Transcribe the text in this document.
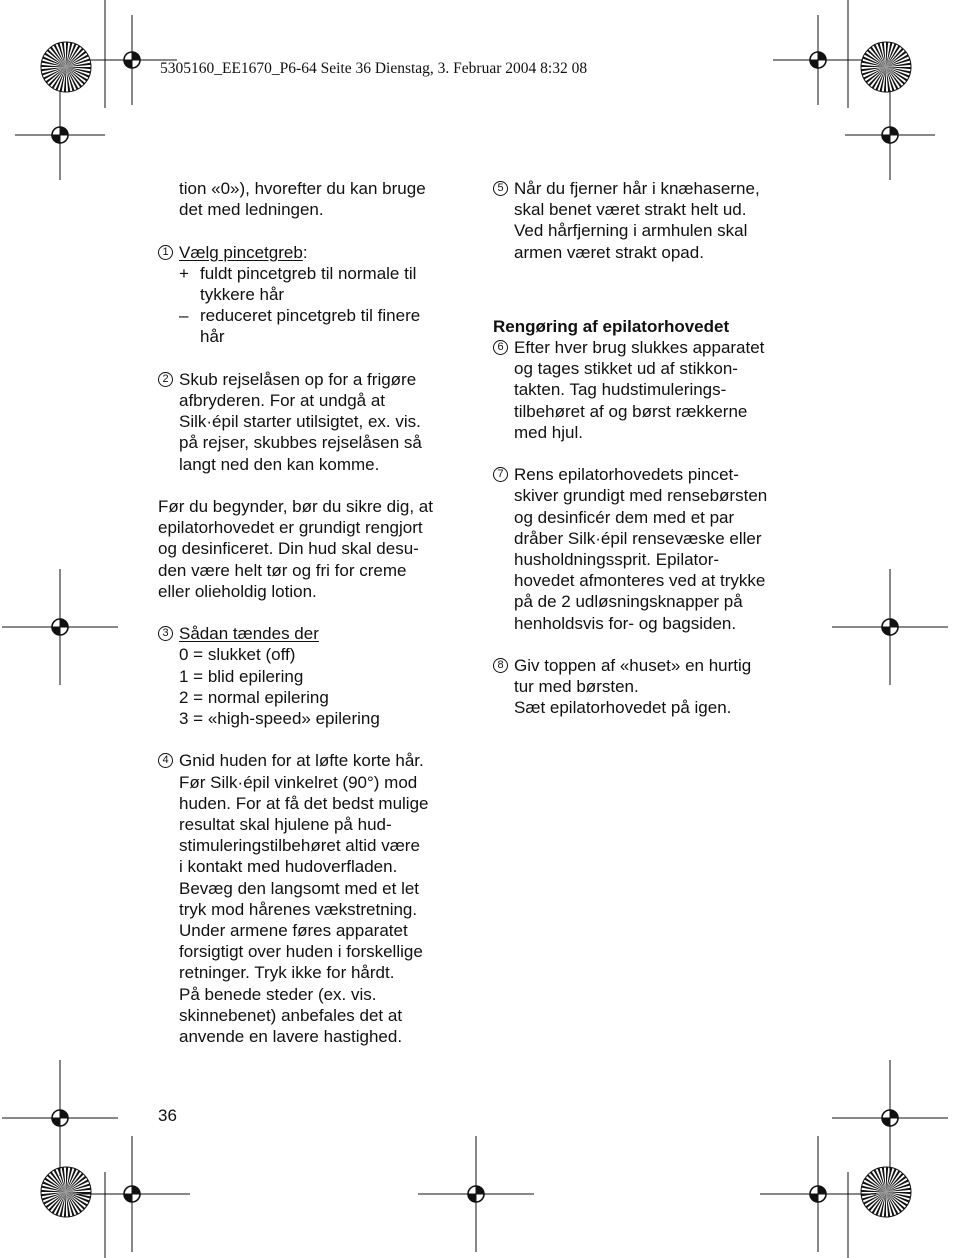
5305160_EE1670_P6-64 Seite 36 Dienstag, 3. Februar 2004 8:32 08
tion «0»), hvorefter du kan bruge
det med ledningen.
1 Vælg pincetgreb:
+ fuldt pincetgreb til normale til
tykkere hår
– reduceret pincetgreb til finere
hår
2 Skub rejselåsen op for a frigøre
afbryderen. For at undgå at
Silk·épil starter utilsigtet, ex. vis.
på rejser, skubbes rejselåsen så
langt ned den kan komme.
Før du begynder, bør du sikre dig, at
epilatorhovedet er grundigt rengjort
og desinficeret. Din hud skal desu-
den være helt tør og fri for creme
eller olieholdig lotion.
3 Sådan tændes der
0 = slukket (off)
1 = blid epilering
2 = normal epilering
3 = «high-speed» epilering
4 Gnid huden for at løfte korte hår.
Før Silk·épil vinkelret (90°) mod
huden. For at få det bedst mulige
resultat skal hjulene på hud-
stimuleringstilbehøret altid være
i kontakt med hudoverfladen.
Bevæg den langsomt med et let
tryk mod hårenes vækstretning.
Under armene føres apparatet
forsigtigt over huden i forskellige
retninger. Tryk ikke for hårdt.
På benede steder (ex. vis.
skinnebenet) anbefales det at
anvende en lavere hastighed.
5 Når du fjerner hår i knæhaserne,
skal benet været strakt helt ud.
Ved hårfjerning i armhulen skal
armen været strakt opad.
Rengøring af epilatorhovedet
6 Efter hver brug slukkes apparatet
og tages stikket ud af stikkon-
takten. Tag hudstimulerings-
tilbehøret af og børst rækkerne
med hjul.
7 Rens epilatorhovedets pincet-
skiver grundigt med rensebørsten
og desinficér dem med et par
dråber Silk·épil rensevæske eller
husholdningssprit. Epilator-
hovedet afmonteres ved at trykke
på de 2 udløsningsknapper på
henholdsvis for- og bagsiden.
8 Giv toppen af «huset» en hurtig
tur med børsten.
Sæt epilatorhovedet på igen.
36
